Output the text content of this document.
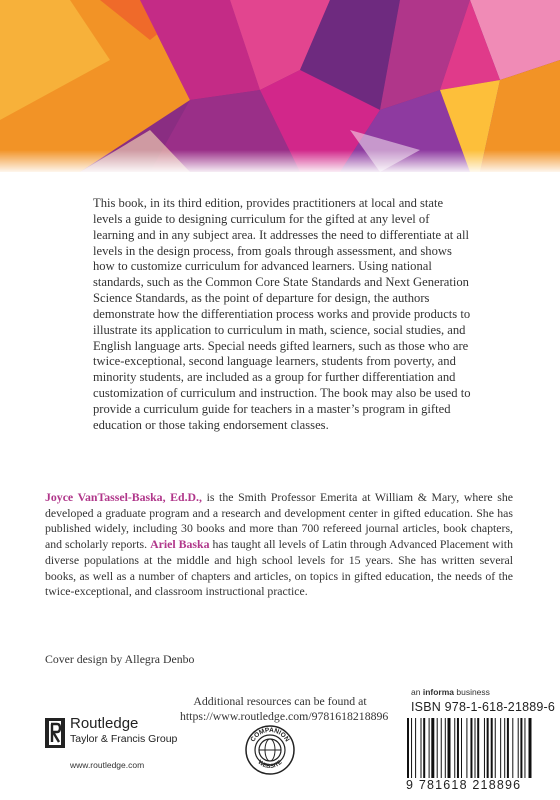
This book, in its third edition, provides practitioners at local and state levels a guide to designing curriculum for the gifted at any level of learning and in any subject area. It addresses the need to differentiate at all levels in the design process, from goals through assessment, and shows how to customize curriculum for advanced learners. Using national standards, such as the Common Core State Standards and Next Generation Science Standards, as the point of departure for design, the authors demonstrate how the differentiation process works and provide products to illustrate its application to curriculum in math, science, social studies, and English language arts. Special needs gifted learners, such as those who are twice-exceptional, second language learners, students from poverty, and minority students, are included as a group for further differentiation and customization of curriculum and instruction. The book may also be used to provide a curriculum guide for teachers in a master’s program in gifted education or those taking endorsement classes.

Joyce VanTassel-Baska, Ed.D., is the Smith Professor Emerita at William & Mary, where she developed a graduate program and a research and development center in gifted education. She has published widely, including 30 books and more than 700 refereed journal articles, book chapters, and scholarly reports. Ariel Baska has taught all levels of Latin through Advanced Placement with diverse populations at the middle and high school levels for 15 years. She has written several books, as well as a number of chapters and articles, on topics in gifted education, the needs of the twice-exceptional, and classroom instructional practice.

Cover design by Allegra Denbo
an informa business
ISBN 978-1-618-21889-6
Additional resources can be found at
https://www.routledge.com/9781618218896
Routledge
Taylor & Francis Group
www.routledge.com
COMPANION
WEBSITE
9 781618 218896
